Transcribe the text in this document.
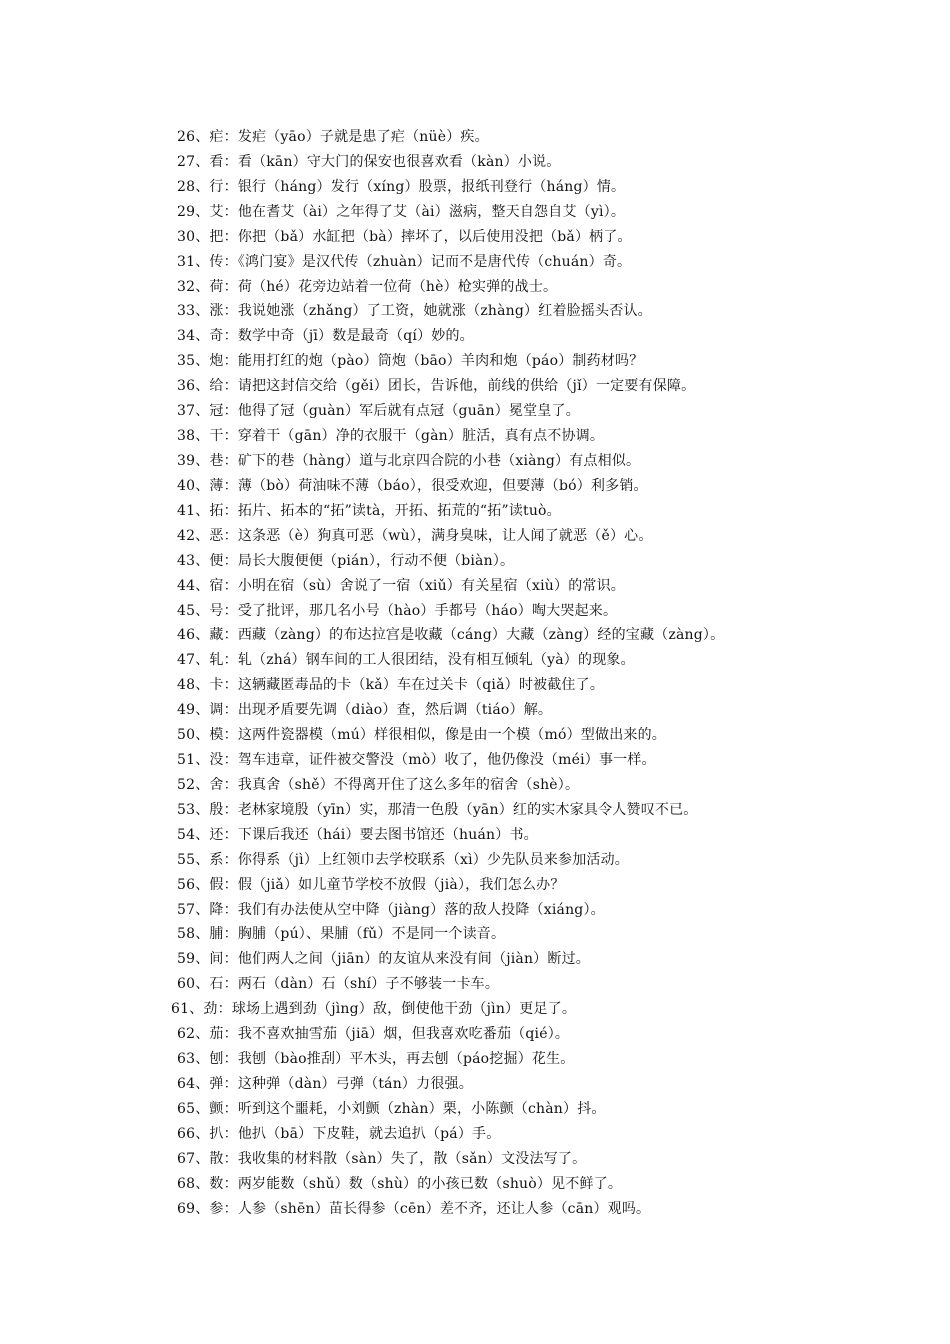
26、疟：发疟（yāo）子就是患了疟（nüè）疾。
27、看：看（kān）守大门的保安也很喜欢看（kàn）小说。
28、行：银行（háng）发行（xíng）股票，报纸刊登行（háng）情。
29、艾：他在耆艾（ài）之年得了艾（ài）滋病，整天自怨自艾（yì）。
30、把：你把（bǎ）水缸把（bà）摔坏了，以后使用没把（bǎ）柄了。
31、传：《鸿门宴》是汉代传（zhuàn）记而不是唐代传（chuán）奇。
32、荷：荷（hé）花旁边站着一位荷（hè）枪实弹的战士。
33、涨：我说她涨（zhǎng）了工资，她就涨（zhàng）红着脸摇头否认。
34、奇：数学中奇（jī）数是最奇（qí）妙的。
35、炮：能用打红的炮（pào）筒炮（bāo）羊肉和炮（páo）制药材吗？
36、给：请把这封信交给（gěi）团长，告诉他，前线的供给（jǐ）一定要有保障。
37、冠：他得了冠（guàn）军后就有点冠（guān）冕堂皇了。
38、干：穿着干（gān）净的衣服干（gàn）脏活，真有点不协调。
39、巷：矿下的巷（hàng）道与北京四合院的小巷（xiàng）有点相似。
40、薄：薄（bò）荷油味不薄（báo），很受欢迎，但要薄（bó）利多销。
41、拓：拓片、拓本的“拓”读tà，开拓、拓荒的“拓”读tuò。
42、恶：这条恶（è）狗真可恶（wù），满身臭味，让人闻了就恶（ě）心。
43、便：局长大腹便便（pián），行动不便（biàn）。
44、宿：小明在宿（sù）舍说了一宿（xiǔ）有关星宿（xiù）的常识。
45、号：受了批评，那几名小号（hào）手都号（háo）啕大哭起来。
46、藏：西藏（zàng）的布达拉宫是收藏（cáng）大藏（zàng）经的宝藏（zàng）。
47、轧：轧（zhá）钢车间的工人很团结，没有相互倾轧（yà）的现象。
48、卡：这辆藏匿毒品的卡（kǎ）车在过关卡（qiǎ）时被截住了。
49、调：出现矛盾要先调（diào）查，然后调（tiáo）解。
50、模：这两件瓷器模（mú）样很相似，像是由一个模（mó）型做出来的。
51、没：驾车违章，证件被交警没（mò）收了，他仍像没（méi）事一样。
52、舍：我真舍（shě）不得离开住了这么多年的宿舍（shè）。
53、殷：老林家境殷（yīn）实，那清一色殷（yān）红的实木家具令人赞叹不已。
54、还：下课后我还（hái）要去图书馆还（huán）书。
55、系：你得系（jì）上红领巾去学校联系（xì）少先队员来参加活动。
56、假：假（jiǎ）如儿童节学校不放假（jià），我们怎么办？
57、降：我们有办法使从空中降（jiàng）落的敌人投降（xiáng）。
58、脯：胸脯（pú）、果脯（fǔ）不是同一个读音。
59、间：他们两人之间（jiān）的友谊从来没有间（jiàn）断过。
60、石：两石（dàn）石（shí）子不够装一卡车。
61、劲：球场上遇到劲（jìng）敌，倒使他干劲（jìn）更足了。
62、茄：我不喜欢抽雪茄（jiā）烟，但我喜欢吃番茄（qié）。
63、刨：我刨（bào推刮）平木头，再去刨（páo挖掘）花生。
64、弹：这种弹（dàn）弓弹（tán）力很强。
65、颤：听到这个噩耗，小刘颤（zhàn）栗，小陈颤（chàn）抖。
66、扒：他扒（bā）下皮鞋，就去追扒（pá）手。
67、散：我收集的材料散（sàn）失了，散（sǎn）文没法写了。
68、数：两岁能数（shǔ）数（shù）的小孩已数（shuò）见不鲜了。
69、参：人参（shēn）苗长得参（cēn）差不齐，还让人参（cān）观吗。
